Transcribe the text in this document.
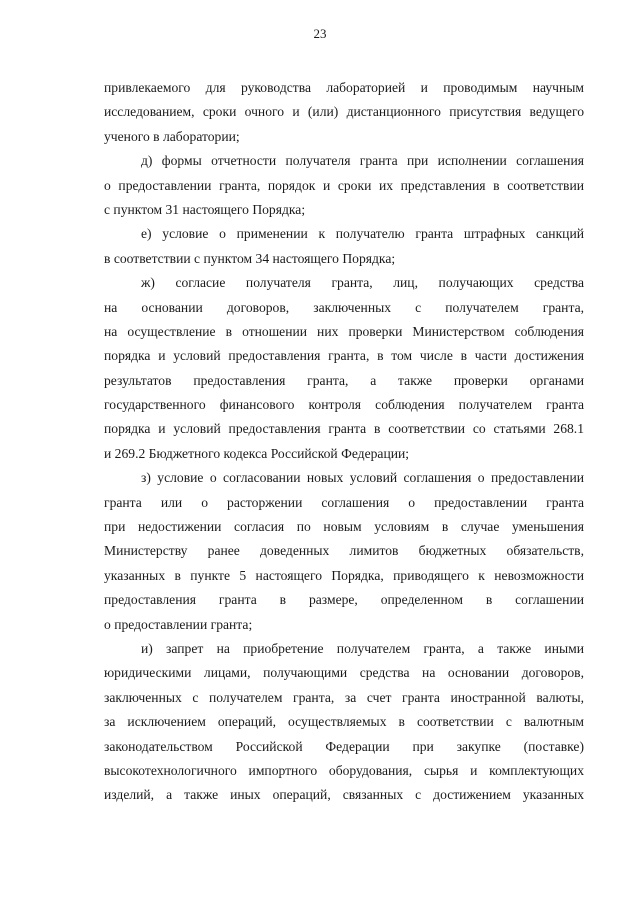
23
привлекаемого для руководства лабораторией и проводимым научным
исследованием, сроки очного и (или) дистанционного присутствия ведущего
ученого в лаборатории;
д) формы отчетности получателя гранта при исполнении соглашения
о предоставлении гранта, порядок и сроки их представления в соответствии
с пунктом 31 настоящего Порядка;
е) условие о применении к получателю гранта штрафных санкций
в соответствии с пунктом 34 настоящего Порядка;
ж) согласие получателя гранта, лиц, получающих средства
на основании договоров, заключенных с получателем гранта,
на осуществление в отношении них проверки Министерством соблюдения
порядка и условий предоставления гранта, в том числе в части достижения
результатов предоставления гранта, а также проверки органами
государственного финансового контроля соблюдения получателем гранта
порядка и условий предоставления гранта в соответствии со статьями 268.1
и 269.2 Бюджетного кодекса Российской Федерации;
з) условие о согласовании новых условий соглашения о предоставлении
гранта или о расторжении соглашения о предоставлении гранта
при недостижении согласия по новым условиям в случае уменьшения
Министерству ранее доведенных лимитов бюджетных обязательств,
указанных в пункте 5 настоящего Порядка, приводящего к невозможности
предоставления гранта в размере, определенном в соглашении
о предоставлении гранта;
и) запрет на приобретение получателем гранта, а также иными
юридическими лицами, получающими средства на основании договоров,
заключенных с получателем гранта, за счет гранта иностранной валюты,
за исключением операций, осуществляемых в соответствии с валютным
законодательством Российской Федерации при закупке (поставке)
высокотехнологичного импортного оборудования, сырья и комплектующих
изделий, а также иных операций, связанных с достижением указанных
